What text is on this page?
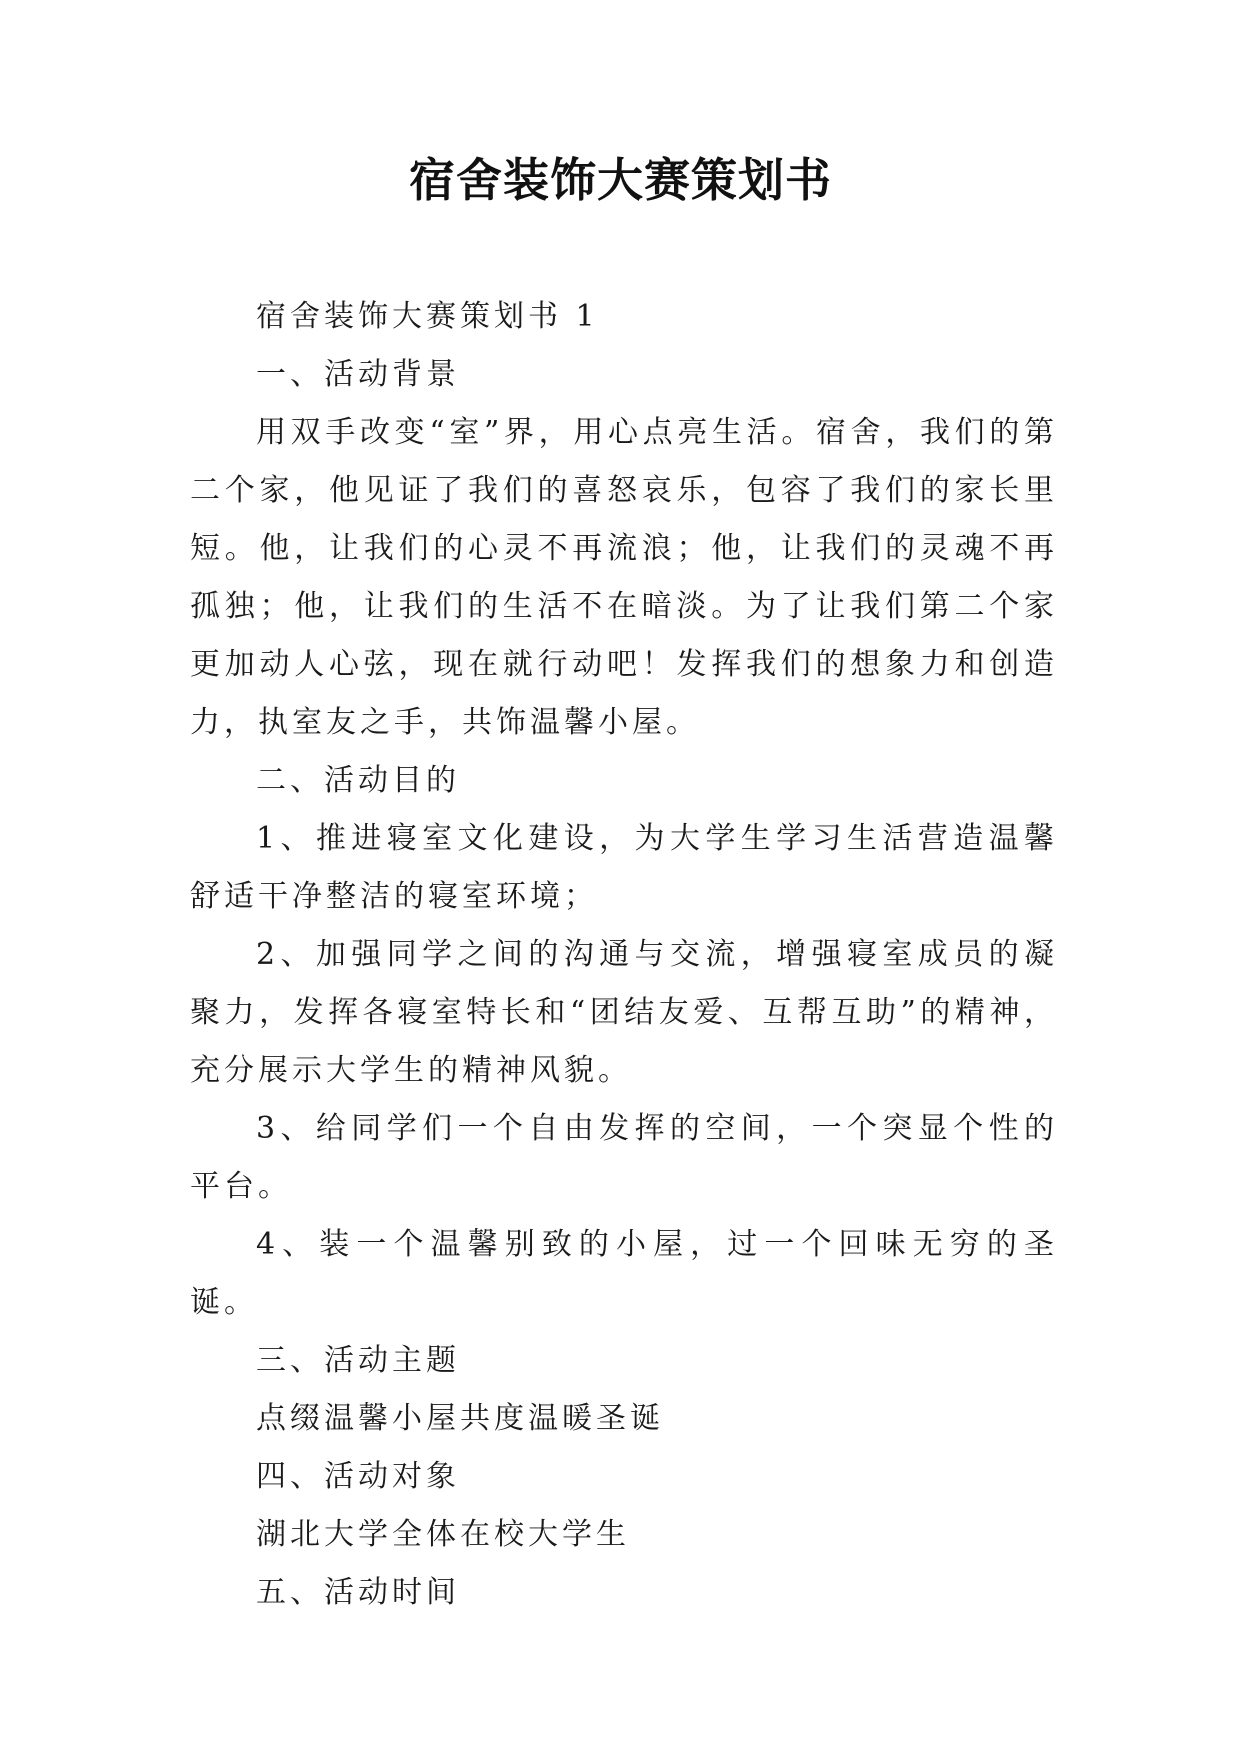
宿舍装饰大赛策划书

宿舍装饰大赛策划书 1

一、活动背景

用双手改变“室”界，用心点亮生活。宿舍，我们的第二个家，他见证了我们的喜怒哀乐，包容了我们的家长里短。他，让我们的心灵不再流浪；他，让我们的灵魂不再孤独；他，让我们的生活不在暗淡。为了让我们第二个家更加动人心弦，现在就行动吧！发挥我们的想象力和创造力，执室友之手，共饰温馨小屋。

二、活动目的

1、推进寝室文化建设，为大学生学习生活营造温馨舒适干净整洁的寝室环境；

2、加强同学之间的沟通与交流，增强寝室成员的凝聚力，发挥各寝室特长和“团结友爱、互帮互助”的精神，充分展示大学生的精神风貌。

3、给同学们一个自由发挥的空间，一个突显个性的平台。

4、装一个温馨别致的小屋，过一个回味无穷的圣诞。

三、活动主题

点缀温馨小屋共度温暖圣诞

四、活动对象

湖北大学全体在校大学生

五、活动时间
